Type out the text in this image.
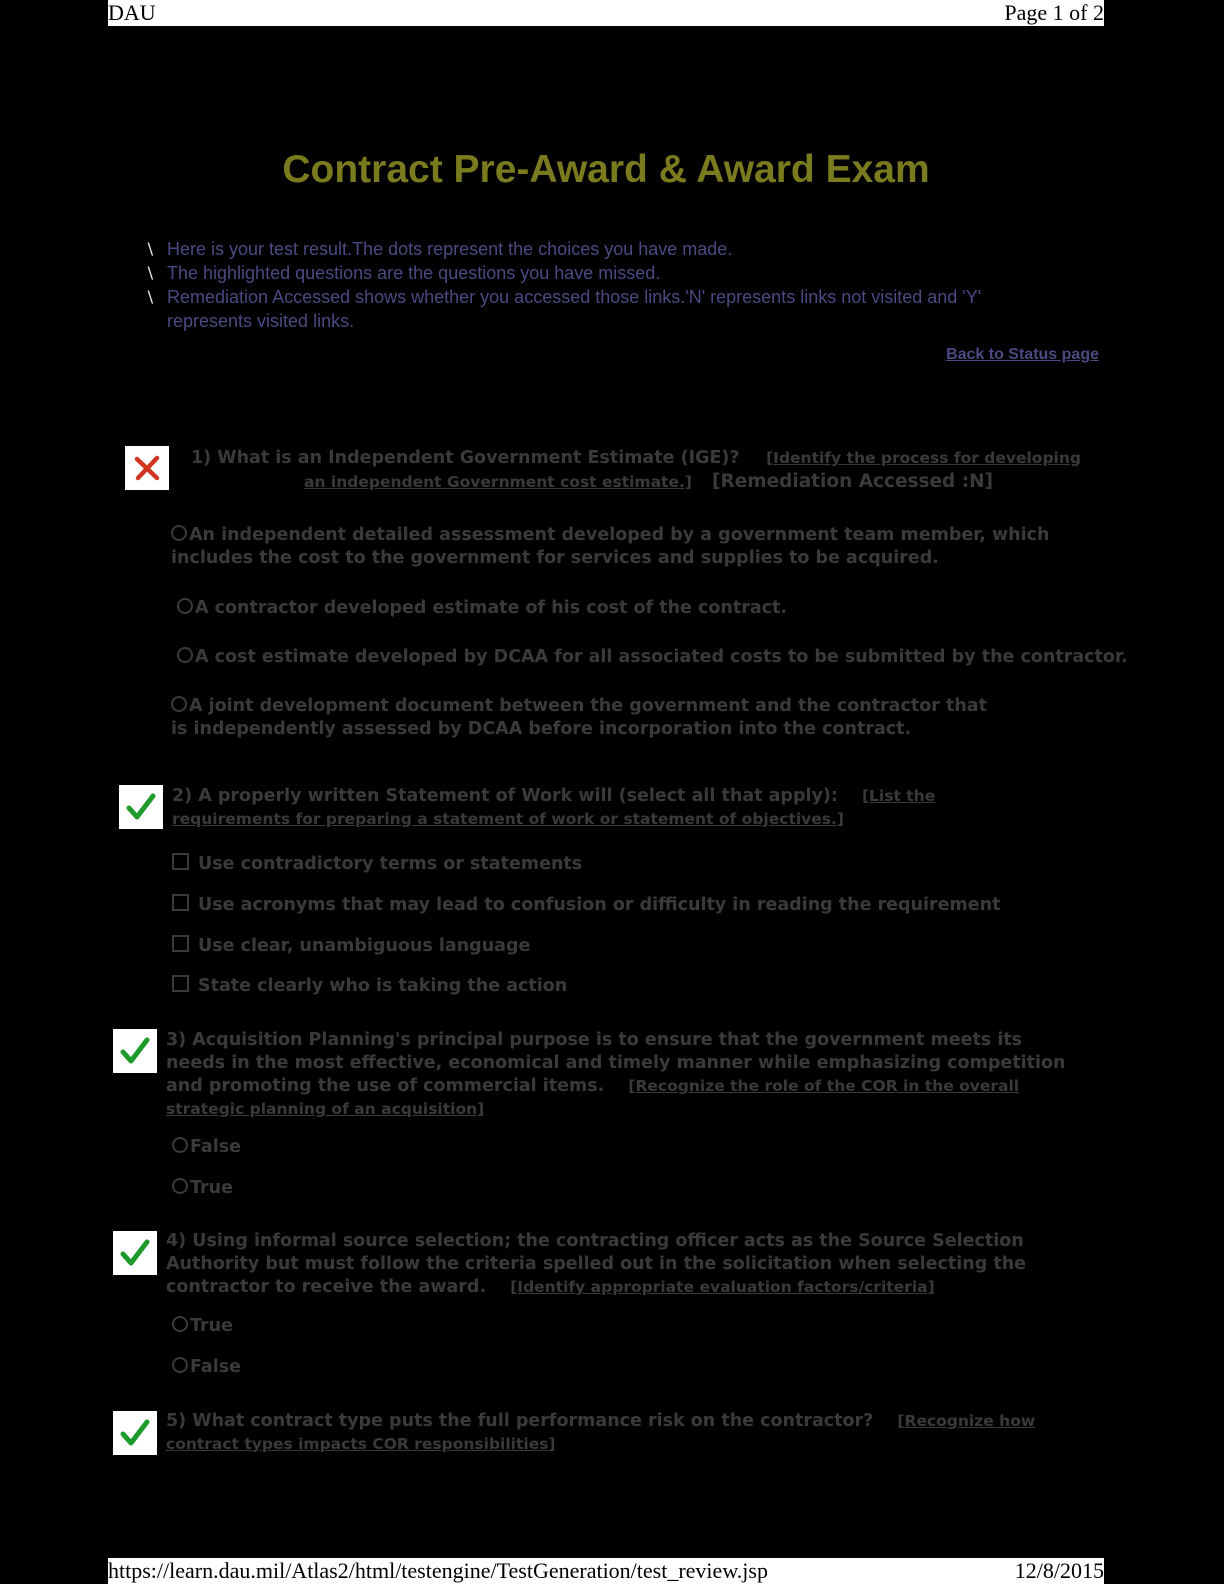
DAU	Page 1 of 2
Contract Pre-Award & Award Exam
⧹ Here is your test result.The dots represent the choices you have made.
⧹ The highlighted questions are the questions you have missed.
⧹ Remediation Accessed shows whether you accessed those links.'N' represents links not visited and 'Y' represents visited links.
Back to Status page
1) What is an Independent Government Estimate (IGE)? [Identify the process for developing
an independent Government cost estimate.] [Remediation Accessed :N]
An independent detailed assessment developed by a government team member, which includes the cost to the government for services and supplies to be acquired.
A contractor developed estimate of his cost of the contract.
A cost estimate developed by DCAA for all associated costs to be submitted by the contractor.
A joint development document between the government and the contractor that is independently assessed by DCAA before incorporation into the contract.
2) A properly written Statement of Work will (select all that apply): [List the requirements for preparing a statement of work or statement of objectives.]
Use contradictory terms or statements
Use acronyms that may lead to confusion or difficulty in reading the requirement
Use clear, unambiguous language
State clearly who is taking the action
3) Acquisition Planning's principal purpose is to ensure that the government meets its needs in the most effective, economical and timely manner while emphasizing competition and promoting the use of commercial items. [Recognize the role of the COR in the overall strategic planning of an acquisition]
False
True
4) Using informal source selection; the contracting officer acts as the Source Selection Authority but must follow the criteria spelled out in the solicitation when selecting the contractor to receive the award. [Identify appropriate evaluation factors/criteria]
True
False
5) What contract type puts the full performance risk on the contractor? [Recognize how contract types impacts COR responsibilities]
https://learn.dau.mil/Atlas2/html/testengine/TestGeneration/test_review.jsp	12/8/2015
